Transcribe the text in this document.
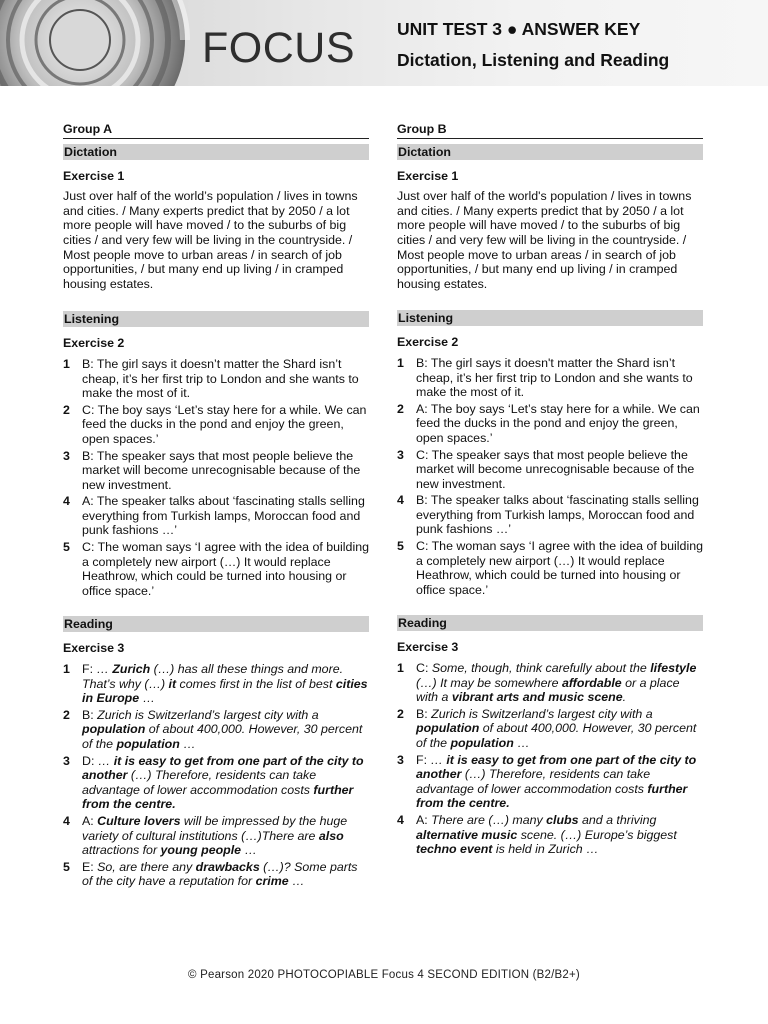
FOCUS UNIT TEST 3 ● ANSWER KEY
Dictation, Listening and Reading
Group A
Dictation
Exercise 1
Just over half of the world’s population / lives in towns and cities. / Many experts predict that by 2050 / a lot more people will have moved / to the suburbs of big cities / and very few will be living in the countryside. / Most people move to urban areas / in search of job opportunities, / but many end up living / in cramped housing estates.
Listening
Exercise 2
1 B: The girl says it doesn’t matter the Shard isn’t cheap, it’s her first trip to London and she wants to make the most of it.
2 C: The boy says ‘Let’s stay here for a while. We can feed the ducks in the pond and enjoy the green, open spaces.’
3 B: The speaker says that most people believe the market will become unrecognisable because of the new investment.
4 A: The speaker talks about ‘fascinating stalls selling everything from Turkish lamps, Moroccan food and punk fashions …’
5 C: The woman says ‘I agree with the idea of building a completely new airport (…) It would replace Heathrow, which could be turned into housing or office space.’
Reading
Exercise 3
1 F: … Zurich (…) has all these things and more. That’s why (…) it comes first in the list of best cities in Europe …
2 B: Zurich is Switzerland’s largest city with a population of about 400,000. However, 30 percent of the population …
3 D: … it is easy to get from one part of the city to another (…) Therefore, residents can take advantage of lower accommodation costs further from the centre.
4 A: Culture lovers will be impressed by the huge variety of cultural institutions (…)There are also attractions for young people …
5 E: So, are there any drawbacks (…)? Some parts of the city have a reputation for crime …
Group B
Dictation
Exercise 1
Just over half of the world's population / lives in towns and cities. / Many experts predict that by 2050 / a lot more people will have moved / to the suburbs of big cities / and very few will be living in the countryside. / Most people move to urban areas / in search of job opportunities, / but many end up living / in cramped housing estates.
Listening
Exercise 2
1 B: The girl says it doesn't matter the Shard isn’t cheap, it’s her first trip to London and she wants to make the most of it.
2 A: The boy says ‘Let’s stay here for a while. We can feed the ducks in the pond and enjoy the green, open spaces.’
3 C: The speaker says that most people believe the market will become unrecognisable because of the new investment.
4 B: The speaker talks about ‘fascinating stalls selling everything from Turkish lamps, Moroccan food and punk fashions …’
5 C: The woman says ‘I agree with the idea of building a completely new airport (…) It would replace Heathrow, which could be turned into housing or office space.’
Reading
Exercise 3
1 C: Some, though, think carefully about the lifestyle (…) It may be somewhere affordable or a place with a vibrant arts and music scene.
2 B: Zurich is Switzerland’s largest city with a population of about 400,000. However, 30 percent of the population …
3 F: … it is easy to get from one part of the city to another (…) Therefore, residents can take advantage of lower accommodation costs further from the centre.
4 A: There are (…) many clubs and a thriving alternative music scene. (…) Europe’s biggest techno event is held in Zurich …
© Pearson 2020 PHOTOCOPIABLE Focus 4 SECOND EDITION (B2/B2+)
